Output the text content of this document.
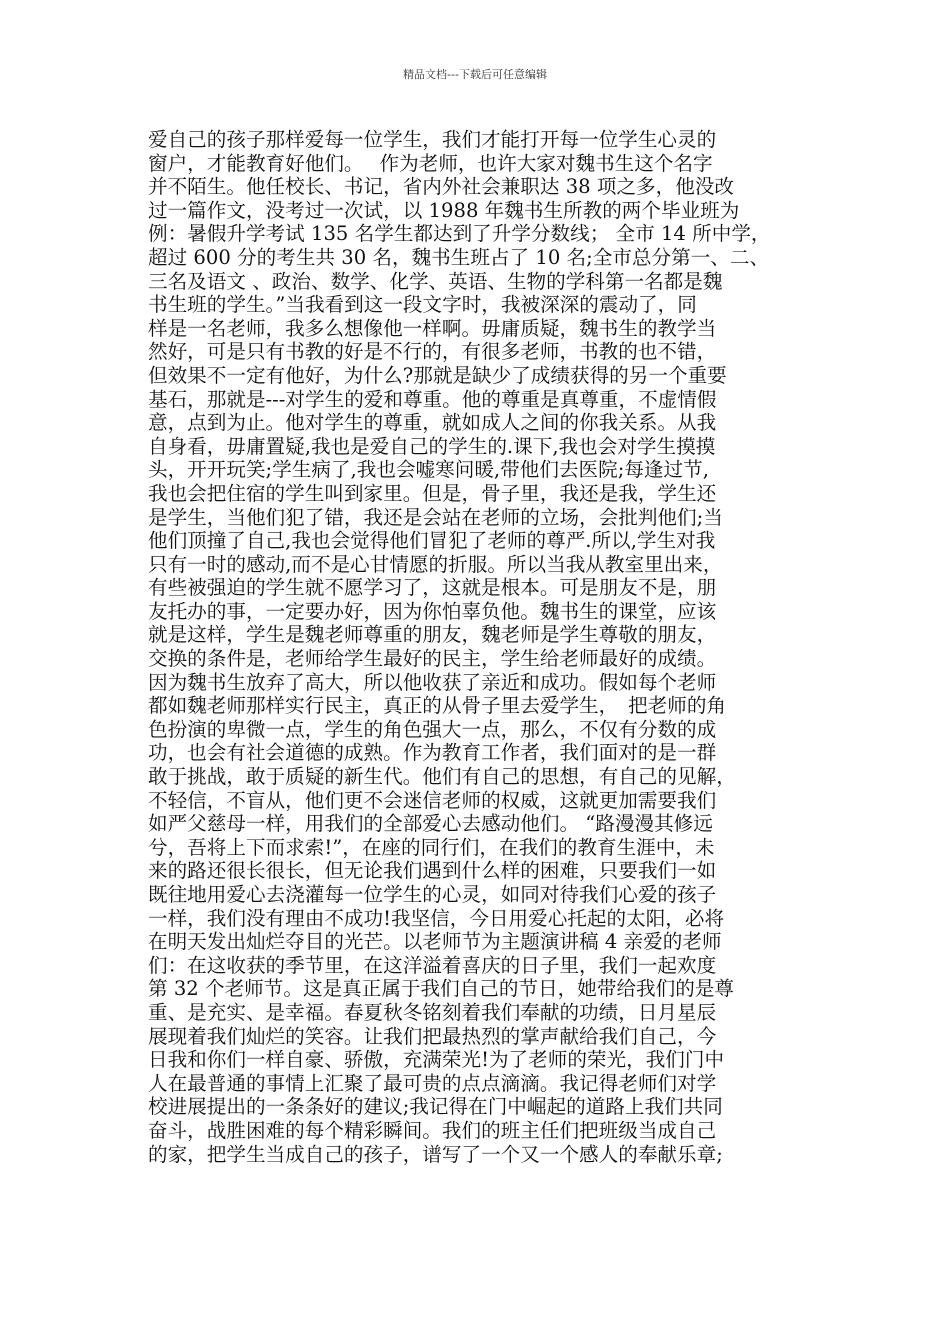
精品文档---下载后可任意编辑
爱自己的孩子那样爱每一位学生，我们才能打开每一位学生心灵的
窗户，才能教育好他们。　 作为老师，也许大家对魏书生这个名字
并不陌生。他任校长、书记，省内外社会兼职达 38 项之多，他没改
过一篇作文，没考过一次试，以 1988 年魏书生所教的两个毕业班为
例：暑假升学考试 135 名学生都达到了升学分数线； 全市 14 所中学，
超过 600 分的考生共 30 名，魏书生班占了 10 名;全市总分第一、二、
三名及语文 、政治、数学、化学、英语、生物的学科第一名都是魏
书生班的学生。”当我看到这一段文字时，我被深深的震动了，同
样是一名老师，我多么想像他一样啊。毋庸质疑，魏书生的教学当
然好，可是只有书教的好是不行的，有很多老师，书教的也不错，
但效果不一定有他好，为什么?那就是缺少了成绩获得的另一个重要
基石，那就是---对学生的爱和尊重。他的尊重是真尊重，不虚情假
意，点到为止。他对学生的尊重，就如成人之间的你我关系。从我
自身看，毋庸置疑,我也是爱自己的学生的.课下,我也会对学生摸摸
头，开开玩笑;学生病了,我也会嘘寒问暖,带他们去医院;每逢过节,
我也会把住宿的学生叫到家里。但是，骨子里，我还是我，学生还
是学生，当他们犯了错，我还是会站在老师的立场，会批判他们;当
他们顶撞了自己,我也会觉得他们冒犯了老师的尊严.所以,学生对我
只有一时的感动,而不是心甘情愿的折服。所以当我从教室里出来，
有些被强迫的学生就不愿学习了，这就是根本。可是朋友不是，朋
友托办的事，一定要办好，因为你怕辜负他。魏书生的课堂，应该
就是这样，学生是魏老师尊重的朋友，魏老师是学生尊敬的朋友，
交换的条件是，老师给学生最好的民主，学生给老师最好的成绩。
因为魏书生放弃了高大，所以他收获了亲近和成功。假如每个老师
都如魏老师那样实行民主，真正的从骨子里去爱学生，　把老师的角
色扮演的卑微一点，学生的角色强大一点，那么，不仅有分数的成
功，也会有社会道德的成熟。作为教育工作者，我们面对的是一群
敢于挑战，敢于质疑的新生代。他们有自己的思想，有自己的见解，
不轻信，不盲从，他们更不会迷信老师的权威，这就更加需要我们
如严父慈母一样，用我们的全部爱心去感动他们。 “路漫漫其修远
兮，吾将上下而求索!”，在座的同行们，在我们的教育生涯中，未
来的路还很长很长，但无论我们遇到什么样的困难，只要我们一如
既往地用爱心去浇灌每一位学生的心灵，如同对待我们心爱的孩子
一样，我们没有理由不成功!我坚信，今日用爱心托起的太阳，必将
在明天发出灿烂夺目的光芒。以老师节为主题演讲稿 4 亲爱的老师
们：在这收获的季节里，在这洋溢着喜庆的日子里，我们一起欢度
第 32 个老师节。这是真正属于我们自己的节日，她带给我们的是尊
重、是充实、是幸福。春夏秋冬铭刻着我们奉献的功绩，日月星辰
展现着我们灿烂的笑容。让我们把最热烈的掌声献给我们自己，今
日我和你们一样自豪、骄傲，充满荣光!为了老师的荣光，我们门中
人在最普通的事情上汇聚了最可贵的点点滴滴。我记得老师们对学
校进展提出的一条条好的建议;我记得在门中崛起的道路上我们共同
奋斗，战胜困难的每个精彩瞬间。我们的班主任们把班级当成自己
的家，把学生当成自己的孩子，谱写了一个又一个感人的奉献乐章;
